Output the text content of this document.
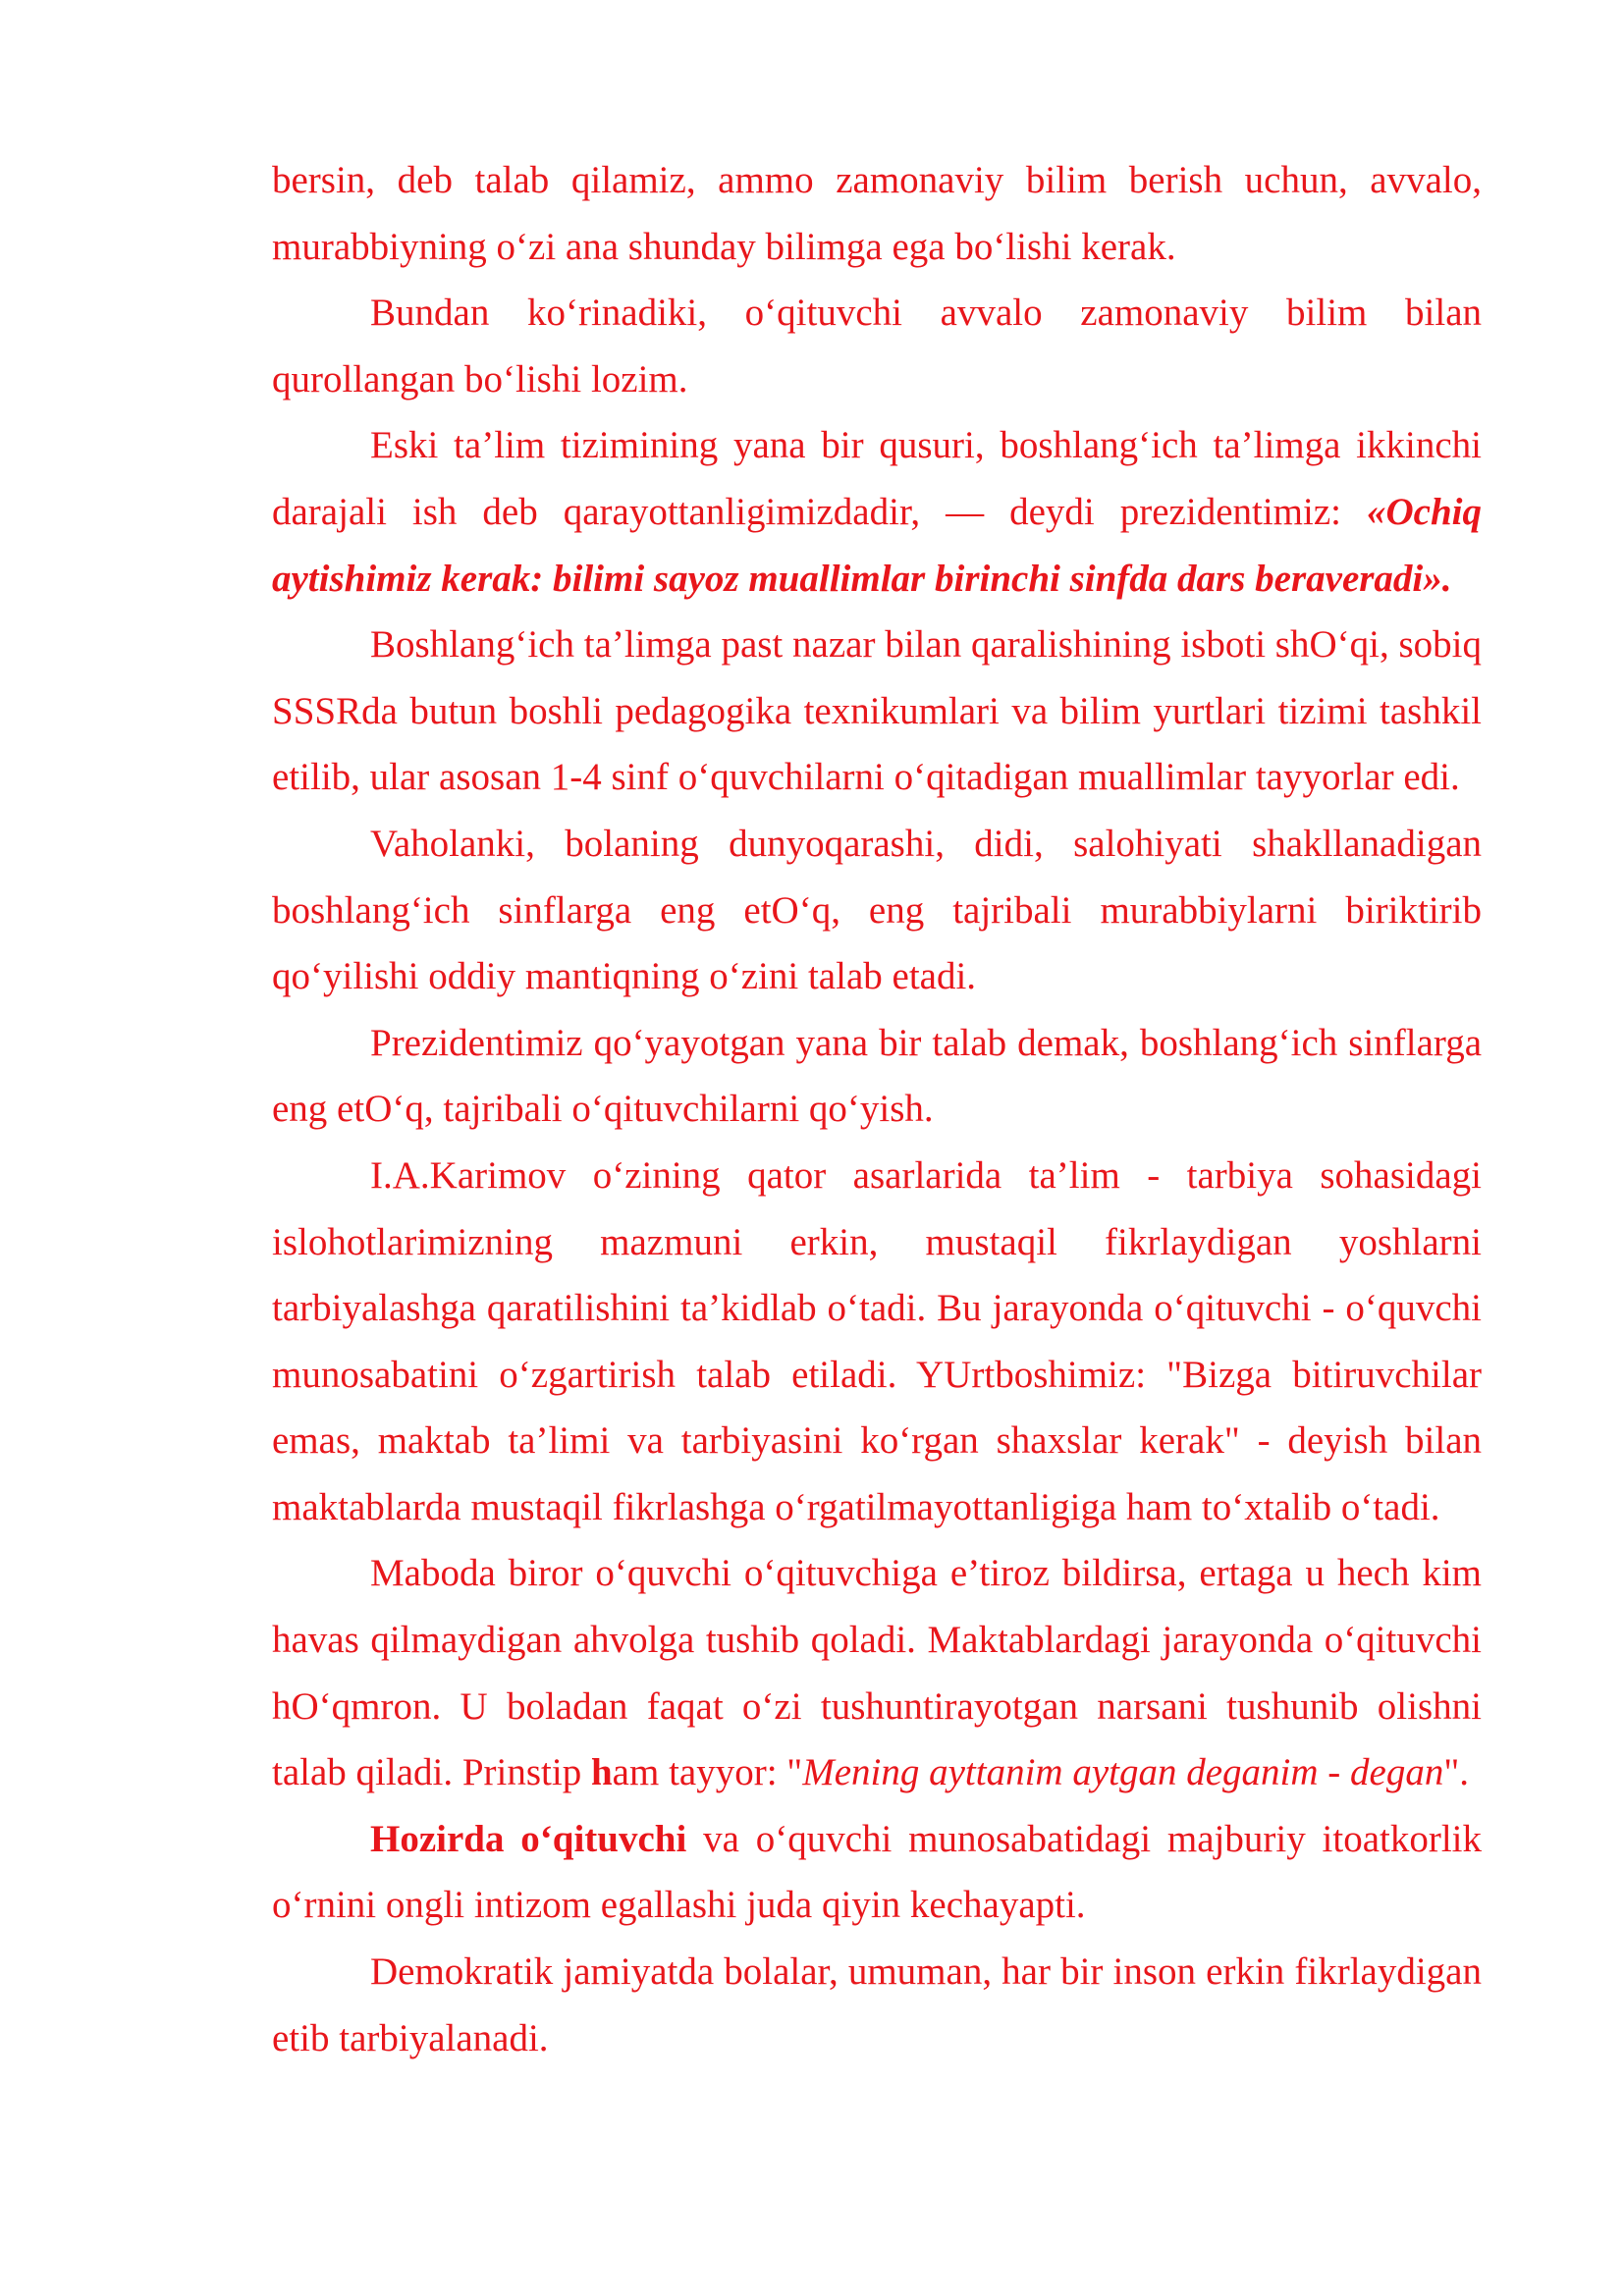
bersin, deb talab qilamiz, ammo zamonaviy bilim berish uchun, avvalo, murabbiyning o‘zi ana shunday bilimga ega bo‘lishi kerak.

Bundan ko‘rinadiki, o‘qituvchi avvalo zamonaviy bilim bilan qurollangan bo‘lishi lozim.

Eski ta’lim tizimining yana bir qusuri, boshlang‘ich ta’limga ikkinchi darajali ish deb qarayottanligimizdadir, — deydi prezidentimiz: «Ochiq aytishimiz kerak: bilimi sayoz muallimlar birinchi sinfda dars beraveradi».

Boshlang‘ich ta’limga past nazar bilan qaralishining isboti shO‘qi, sobiq SSSRda butun boshli pedagogika texnikumlari va bilim yurtlari tizimi tashkil etilib, ular asosan 1-4 sinf o‘quvchilarni o‘qitadigan muallimlar tayyorlar edi.

Vaholanki, bolaning dunyoqarashi, didi, salohiyati shakllanadigan boshlang‘ich sinflarga eng etO‘q, eng tajribali murabbiylarni biriktirib qo‘yilishi oddiy mantiqning o‘zini talab etadi.

Prezidentimiz qo‘yayotgan yana bir talab demak, boshlang‘ich sinflarga eng etO‘q, tajribali o‘qituvchilarni qo‘yish.

I.A.Karimov o‘zining qator asarlarida ta’lim - tarbiya sohasidagi islohotlarimizning mazmuni erkin, mustaqil fikrlaydigan yoshlarni tarbiyalashga qaratilishini ta’kidlab o‘tadi. Bu jarayonda o‘qituvchi - o‘quvchi munosabatini o‘zgartirish talab etiladi. YUrtboshimiz: "Bizga bitiruvchilar emas, maktab ta’limi va tarbiyasini ko‘rgan shaxslar kerak" - deyish bilan maktablarda mustaqil fikrlashga o‘rgatilmayottanligiga ham to‘xtalib o‘tadi.

Maboda biror o‘quvchi o‘qituvchiga e’tiroz bildirsa, ertaga u hech kim havas qilmaydigan ahvolga tushib qoladi. Maktablardagi jarayonda o‘qituvchi hO‘qmron. U boladan faqat o‘zi tushuntirayotgan narsani tushunib olishni talab qiladi. Prinstip ham tayyor: "Mening ayttanim aytgan deganim - degan".

Hozirda o‘qituvchi va o‘quvchi munosabatidagi majburiy itoatkorlik o‘rnini ongli intizom egallashi juda qiyin kechayapti.

Demokratik jamiyatda bolalar, umuman, har bir inson erkin fikrlaydigan etib tarbiyalanadi.
